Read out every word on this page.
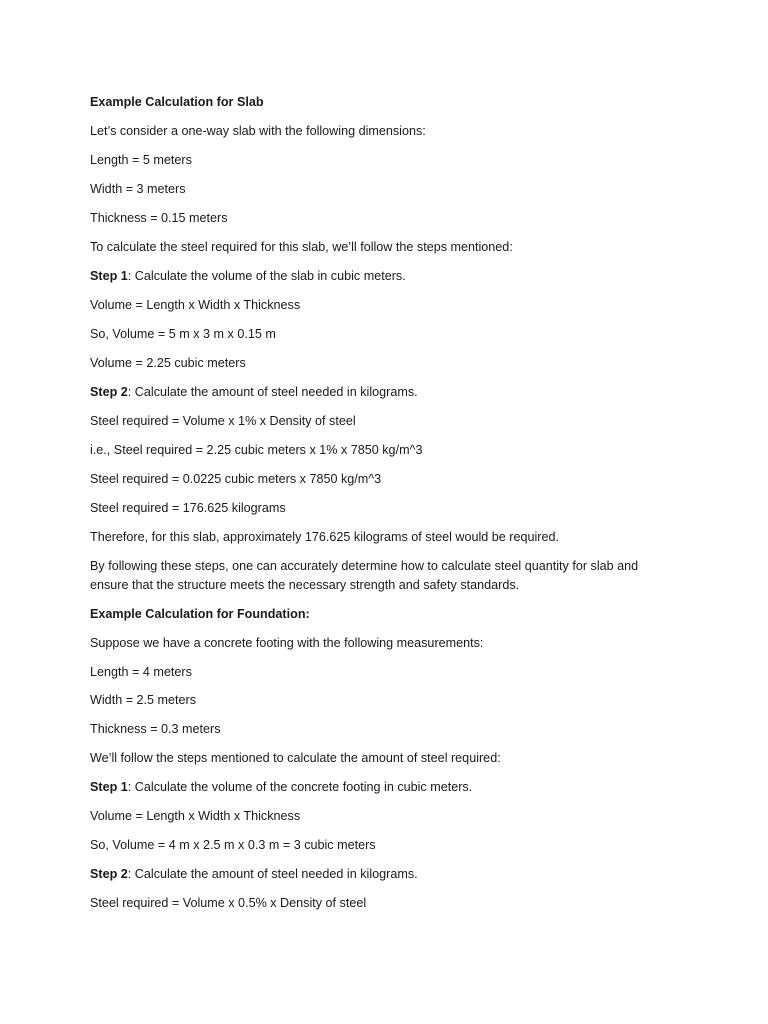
Example Calculation for Slab

Let’s consider a one-way slab with the following dimensions:

Length = 5 meters

Width = 3 meters

Thickness = 0.15 meters

To calculate the steel required for this slab, we’ll follow the steps mentioned:

Step 1: Calculate the volume of the slab in cubic meters.

Volume = Length x Width x Thickness

So, Volume = 5 m x 3 m x 0.15 m

Volume = 2.25 cubic meters

Step 2: Calculate the amount of steel needed in kilograms.

Steel required = Volume x 1% x Density of steel

i.e., Steel required = 2.25 cubic meters x 1% x 7850 kg/m^3

Steel required = 0.0225 cubic meters x 7850 kg/m^3

Steel required = 176.625 kilograms

Therefore, for this slab, approximately 176.625 kilograms of steel would be required.

By following these steps, one can accurately determine how to calculate steel quantity for slab and ensure that the structure meets the necessary strength and safety standards.

Example Calculation for Foundation:

Suppose we have a concrete footing with the following measurements:

Length = 4 meters

Width = 2.5 meters

Thickness = 0.3 meters

We’ll follow the steps mentioned to calculate the amount of steel required:

Step 1: Calculate the volume of the concrete footing in cubic meters.

Volume = Length x Width x Thickness

So, Volume = 4 m x 2.5 m x 0.3 m = 3 cubic meters

Step 2: Calculate the amount of steel needed in kilograms.

Steel required = Volume x 0.5% x Density of steel
